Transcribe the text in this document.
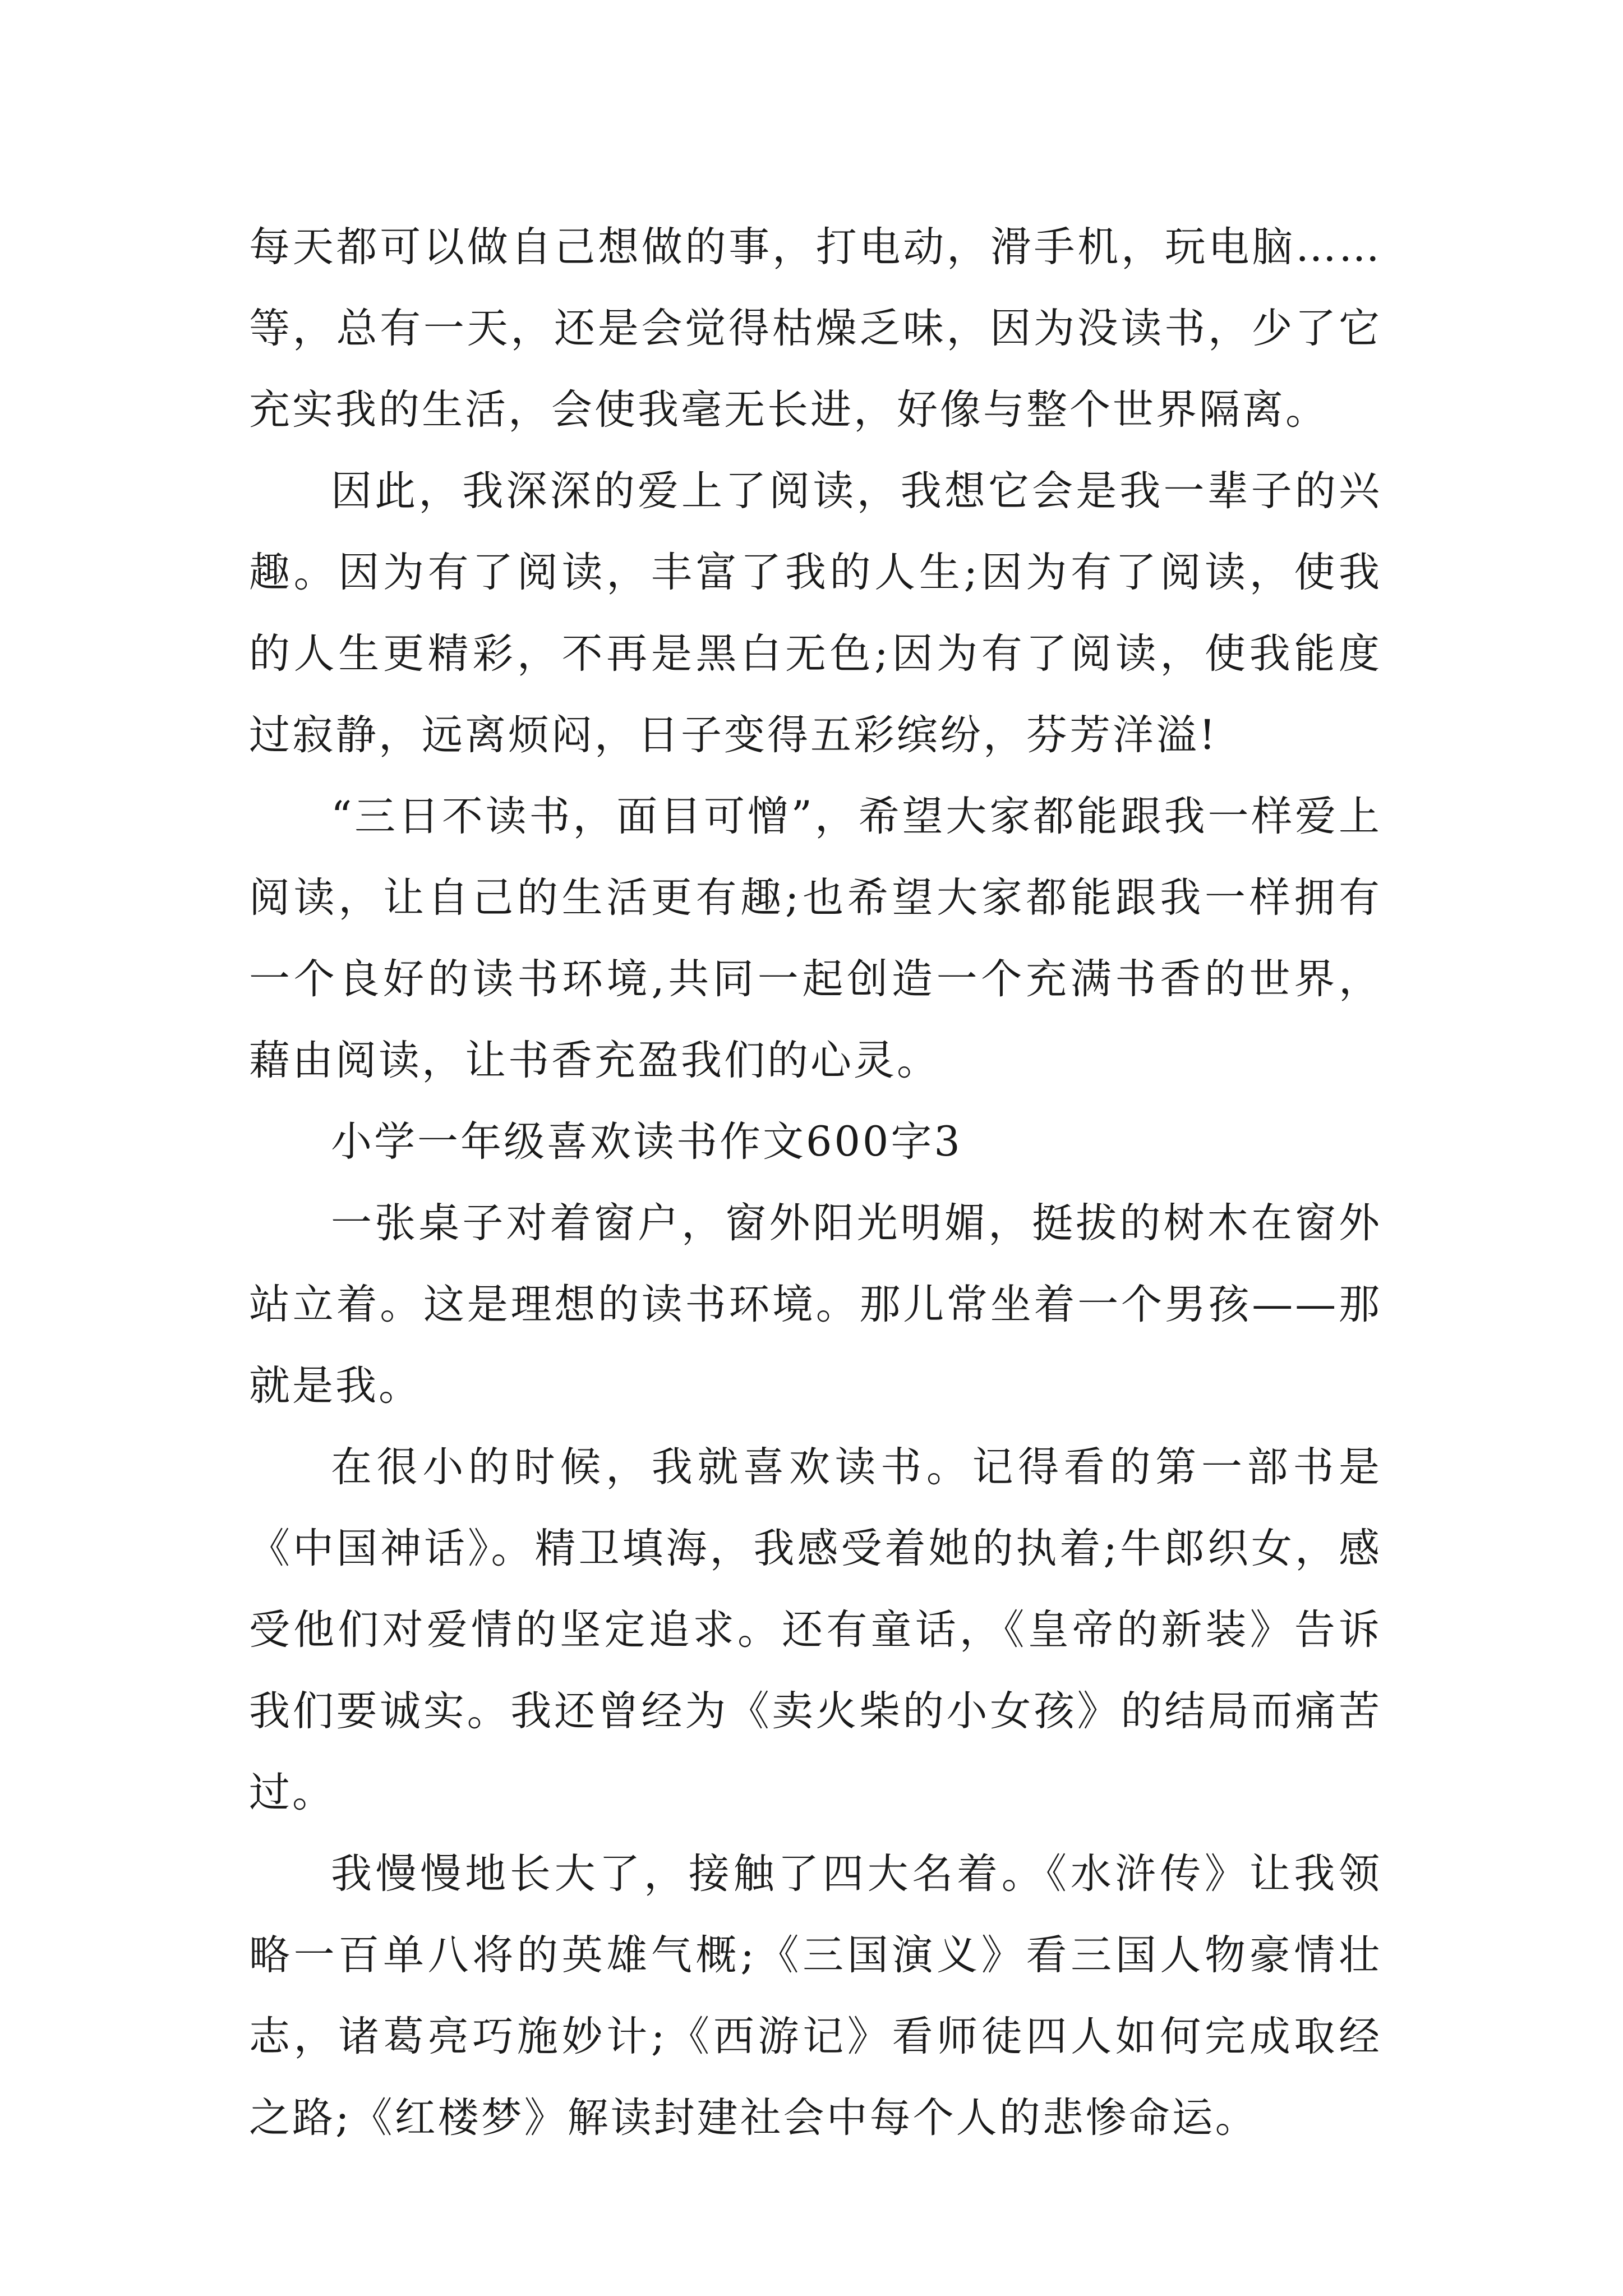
每天都可以做自己想做的事，打电动，滑手机，玩电脑……等，总有一天，还是会觉得枯燥乏味，因为没读书，少了它充实我的生活，会使我毫无长进，好像与整个世界隔离。

因此，我深深的爱上了阅读，我想它会是我一辈子的兴趣。因为有了阅读，丰富了我的人生;因为有了阅读，使我的人生更精彩，不再是黑白无色;因为有了阅读，使我能度过寂静，远离烦闷，日子变得五彩缤纷，芬芳洋溢!

“三日不读书，面目可憎”，希望大家都能跟我一样爱上阅读，让自己的生活更有趣;也希望大家都能跟我一样拥有一个良好的读书环境,共同一起创造一个充满书香的世界，藉由阅读，让书香充盈我们的心灵。

小学一年级喜欢读书作文600字3

一张桌子对着窗户，窗外阳光明媚，挺拔的树木在窗外站立着。这是理想的读书环境。那儿常坐着一个男孩——那就是我。

在很小的时候，我就喜欢读书。记得看的第一部书是《中国神话》。精卫填海，我感受着她的执着;牛郎织女，感受他们对爱情的坚定追求。还有童话，《皇帝的新装》告诉我们要诚实。我还曾经为《卖火柴的小女孩》的结局而痛苦过。

我慢慢地长大了，接触了四大名着。《水浒传》让我领略一百单八将的英雄气概;《三国演义》看三国人物豪情壮志，诸葛亮巧施妙计;《西游记》看师徒四人如何完成取经之路;《红楼梦》解读封建社会中每个人的悲惨命运。
